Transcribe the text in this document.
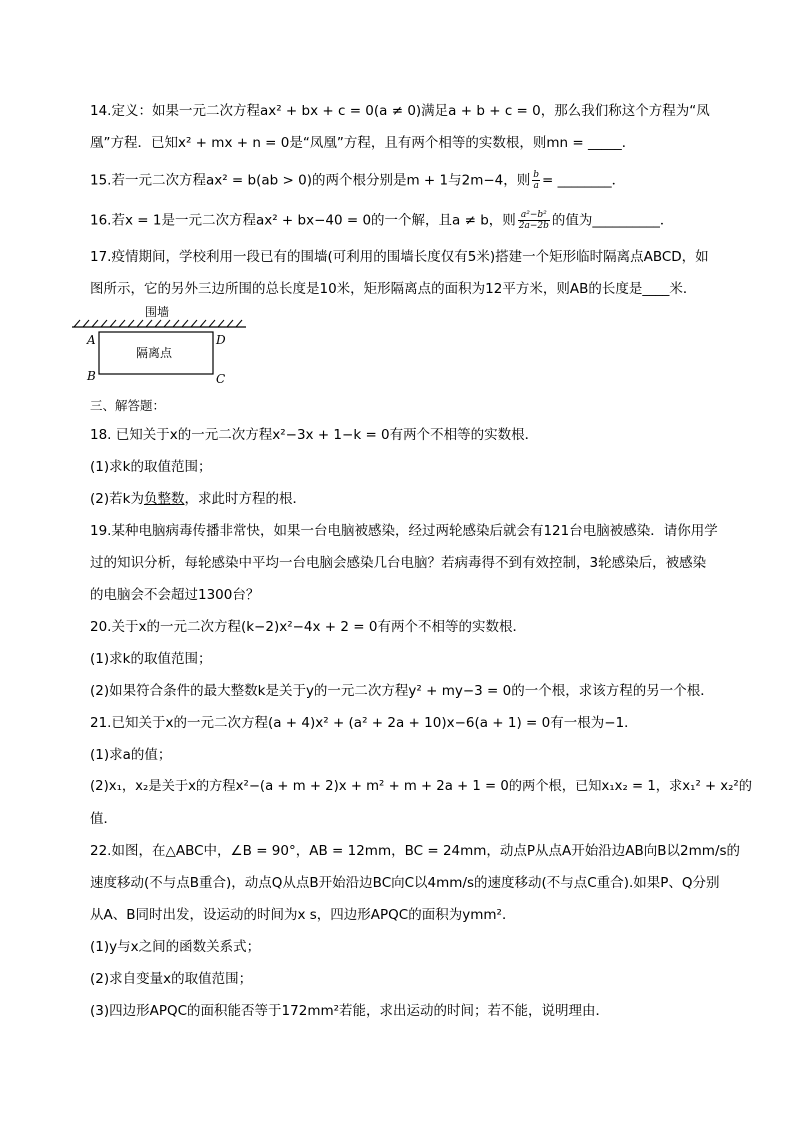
14.定义：如果一元二次方程ax² + bx + c = 0(a ≠ 0)满足a + b + c = 0，那么我们称这个方程为“凤
凰”方程．已知x² + mx + n = 0是“凤凰”方程，且有两个相等的实数根，则mn = _____．
15.若一元二次方程ax² = b(ab > 0)的两个根分别是m + 1与2m−4，则 $\frac{b}{a}$ = ________．
16.若x = 1是一元二次方程ax² + bx−40 = 0的一个解，且a ≠ b，则 $\frac{\text{a²−b²}}{2a-2b}$ 的值为__________．
17.疫情期间，学校利用一段已有的围墙(可利用的围墙长度仅有5米)搭建一个矩形临时隔离点ABCD，如
图所示，它的另外三边所围的总长度是10米，矩形隔离点的面积为12平方米，则AB的长度是____米．
围墙
隔离点
A	D
B	C
三、解答题：
18. 已知关于x的一元二次方程x²−3x + 1−k = 0有两个不相等的实数根．
(1)求k的取值范围；
(2)若k为负整数，求此时方程的根．
19.某种电脑病毒传播非常快，如果一台电脑被感染，经过两轮感染后就会有121台电脑被感染．请你用学
过的知识分析，每轮感染中平均一台电脑会感染几台电脑？若病毒得不到有效控制，3轮感染后，被感染
的电脑会不会超过1300台？
20.关于x的一元二次方程(k−2)x²−4x + 2 = 0有两个不相等的实数根．
(1)求k的取值范围；
(2)如果符合条件的最大整数k是关于y的一元二次方程y² + my−3 = 0的一个根，求该方程的另一个根．
21.已知关于x的一元二次方程(a + 4)x² + (a² + 2a + 10)x−6(a + 1) = 0有一根为−1．
(1)求a的值；
(2)x₁，x₂是关于x的方程x²−(a + m + 2)x + m² + m + 2a + 1 = 0的两个根，已知x₁x₂ = 1，求x₁² + x₂²的
值．
22.如图，在△ABC中，∠B = 90°，AB = 12mm，BC = 24mm，动点P从点A开始沿边AB向B以2mm/s的
速度移动(不与点B重合)，动点Q从点B开始沿边BC向C以4mm/s的速度移动(不与点C重合).如果P、Q分别
从A、B同时出发，设运动的时间为x s，四边形APQC的面积为ymm²．
(1)y与x之间的函数关系式；
(2)求自变量x的取值范围；
(3)四边形APQC的面积能否等于172mm²若能，求出运动的时间；若不能，说明理由．
